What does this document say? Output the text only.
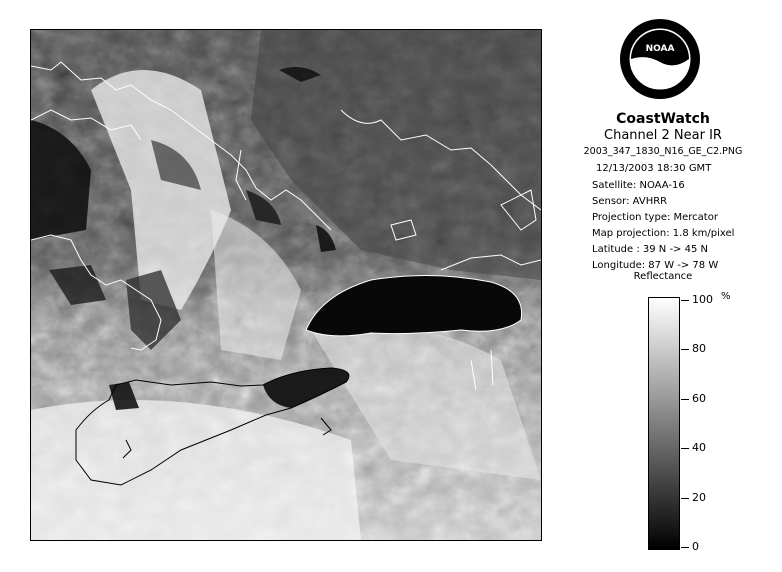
NOAA
CoastWatch
Channel 2 Near IR
2003_347_1830_N16_GE_C2.PNG
12/13/2003 18:30 GMT
Satellite: NOAA-16
Sensor: AVHRR
Projection type: Mercator
Map projection: 1.8 km/pixel
Latitude : 39 N -> 45 N
Longitude: 87 W -> 78 W
Reflectance
%
100
80
60
40
20
0
